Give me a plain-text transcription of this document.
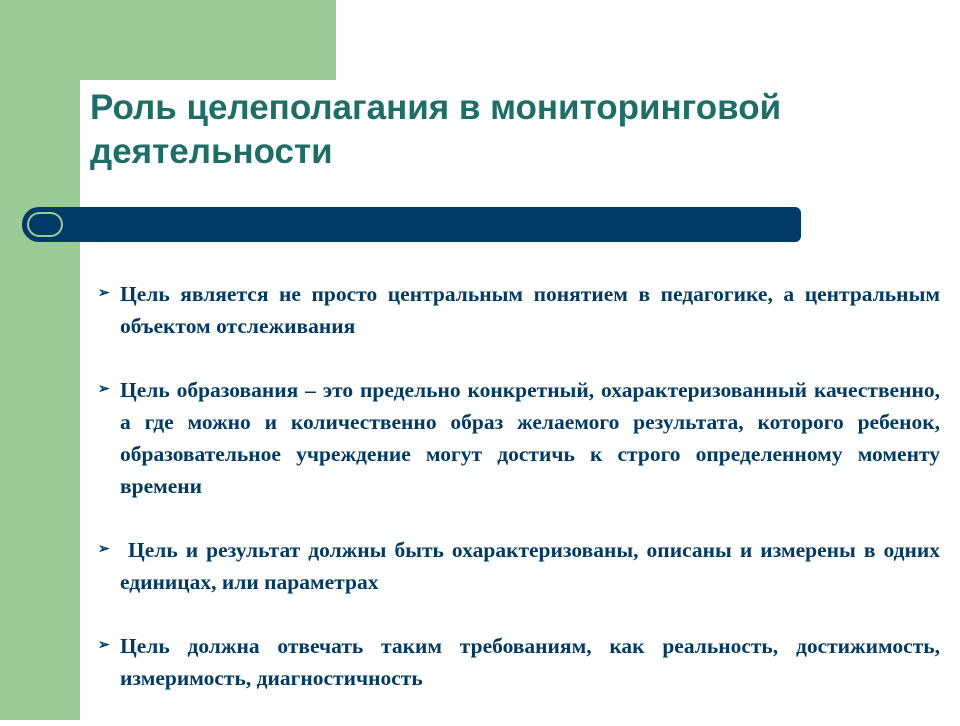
Роль целеполагания в мониторинговой деятельности
➢ Цель является не просто центральным понятием в педагогике, а центральным объектом отслеживания
➢ Цель образования – это предельно конкретный, охарактеризованный качественно, а где можно и количественно образ желаемого результата, которого ребенок, образовательное учреждение могут достичь к строго определенному моменту времени
➢ Цель и результат должны быть охарактеризованы, описаны и измерены в одних единицах, или параметрах
➢ Цель должна отвечать таким требованиям, как реальность, достижимость, измеримость, диагностичность
